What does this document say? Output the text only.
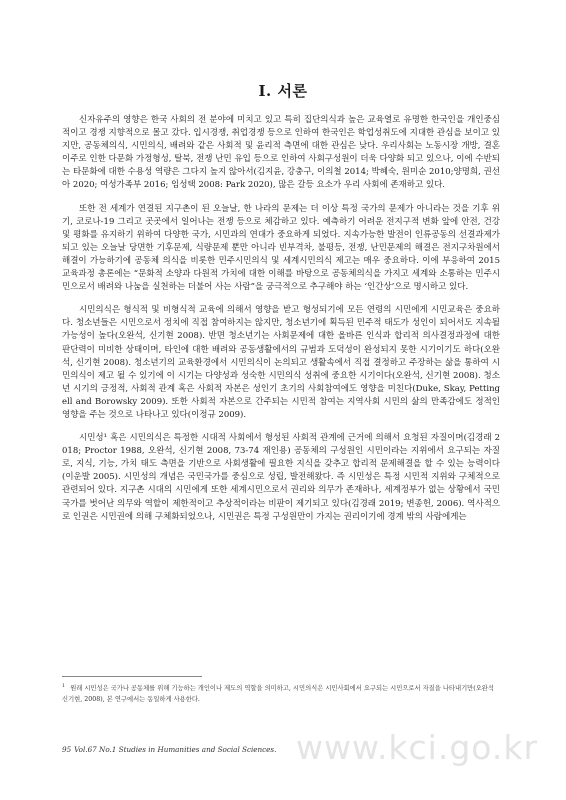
I. 서론

신자유주의 영향은 한국 사회의 전 분야에 미치고 있고 특히 집단의식과 높은 교육열로 유명한 한국인을 개인중심적이고 경쟁 지향적으로 몰고 갔다. 입시경쟁, 취업경쟁 등으로 인하여 한국인은 학업성취도에 지대한 관심을 보이고 있지만, 공동체의식, 시민의식, 배려와 같은 사회적 및 윤리적 측면에 대한 관심은 낮다. 우리사회는 노동시장 개방, 결혼이주로 인한 다문화 가정형성, 탈북, 전쟁 난민 유입 등으로 인하여 사회구성원이 더욱 다양화 되고 있으나, 이에 수반되는 타문화에 대한 수용성 역량은 그다지 높지 않아서(김지윤, 강충구, 이의철 2014; 박혜숙, 원미순 2010;양명희, 권선아 2020; 여성가족부 2016; 임성택 2008: Park 2020), 많은 갈등 요소가 우리 사회에 존재하고 있다.

또한 전 세계가 연결된 지구촌이 된 오늘날, 한 나라의 문제는 더 이상 특정 국가의 문제가 아니라는 것을 기후 위기, 코로나-19 그리고 곳곳에서 일어나는 전쟁 등으로 체감하고 있다. 예측하기 어려운 전지구적 변화 앞에 안전, 건강 및 평화를 유지하기 위하여 다양한 국가, 시민과의 연대가 중요하게 되었다. 지속가능한 발전이 인류공동의 선결과제가 되고 있는 오늘날 당면한 기후문제, 식량문제 뿐만 아니라 빈부격차, 불평등, 전쟁, 난민문제의 해결은 전지구차원에서 해결이 가능하기에 공동체 의식을 비롯한 민주시민의식 및 세계시민의식 제고는 매우 중요하다. 이에 부응하여 2015 교육과정 총론에는 “문화적 소양과 다원적 가치에 대한 이해를 바탕으로 공동체의식을 가지고 세계와 소통하는 민주시민으로서 배려와 나눔을 실천하는 더불어 사는 사람”을 궁극적으로 추구해야 하는 ‘인간상’으로 명시하고 있다.

시민의식은 형식적 및 비형식적 교육에 의해서 영향을 받고 형성되기에 모든 연령의 시민에게 시민교육은 중요하다. 청소년들은 시민으로서 정치에 직접 참여하지는 않지만, 청소년기에 획득된 민주적 태도가 성인이 되어서도 지속될 가능성이 높다(오완석, 신기현 2008). 반면 청소년기는 사회문제에 대한 올바른 인식과 합리적 의사결정과정에 대한 판단력이 미비한 상태이며, 타인에 대한 배려와 공동생활에서의 규범과 도덕성이 완성되지 못한 시기이기도 하다(오완석, 신기현 2008). 청소년기의 교육환경에서 시민의식이 논의되고 생활속에서 직접 결정하고 주장하는 삶을 통하여 시민의식이 제고 될 수 있기에 이 시기는 다양성과 성숙한 시민의식 성취에 중요한 시기이다(오완석, 신기현 2008). 청소년 시기의 긍정적, 사회적 관계 혹은 사회적 자본은 성인기 초기의 사회참여에도 영향을 미친다(Duke, Skay, Pettingell and Borowsky 2009). 또한 사회적 자본으로 간주되는 시민적 참여는 지역사회 시민의 삶의 만족감에도 정적인 영향을 주는 것으로 나타나고 있다(이정규 2009).

시민성¹ 혹은 시민의식은 특정한 시대적 사회에서 형성된 사회적 관계에 근거에 의해서 요청된 자질이며(김경래 2018; Proctor 1988, 오완석, 신기현 2008, 73-74 재인용) 공동체의 구성원인 시민이라는 지위에서 요구되는 자질로, 지식, 기능, 가치 태도 측면을 기반으로 사회생활에 필요한 지식을 갖추고 합리적 문제해결을 할 수 있는 능력이다(이운발 2005). 시민성의 개념은 국민국가를 중심으로 성립, 발전해왔다. 즉 시민성은 특정 시민적 지위와 구체적으로 관련되어 있다. 지구촌 시대의 시민에게 또한 세계시민으로서 권리와 의무가 존재하나, 세계정부가 없는 상황에서 국민국가를 벗어난 의무와 역할이 제한적이고 추상적이라는 비판이 제기되고 있다(김경래 2019; 변종헌, 2006). 역사적으로 인권은 시민권에 의해 구체화되었으나, 시민권은 특정 구성원만이 가지는 권리이기에 경계 밖의 사람에게는

$^1$ 원래 시민성은 국가나 공동체를 위해 기능하는 개인이나 제도의 역할을 의미하고, 시민의식은 시민사회에서 요구되는 시민으로서 자질을 나타내기만(오완석 신기현, 2008), 본 연구에서는 동일하게 사용한다.
www.kci.go.kr
95 Vol.67 No.1 Studies in Humanities and Social Sciences.
